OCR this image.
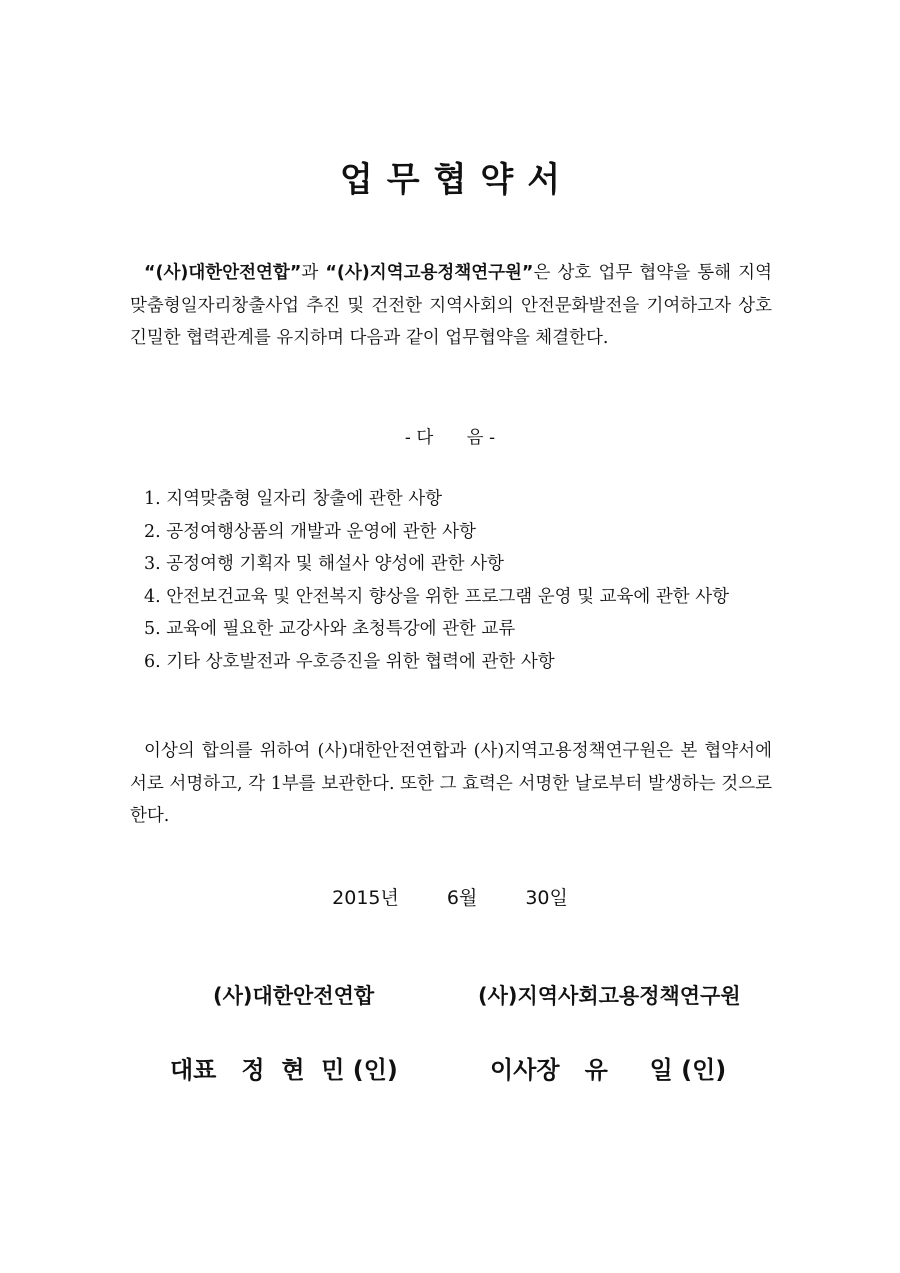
업무협약서
“(사)대한안전연합”과 “(사)지역고용정책연구원”은 상호 업무 협약을 통해 지역맞춤형일자리창출사업 추진 및 건전한 지역사회의 안전문화발전을 기여하고자 상호 긴밀한 협력관계를 유지하며 다음과 같이 업무협약을 체결한다.
- 다      음 -
1. 지역맞춤형 일자리 창출에 관한 사항
2. 공정여행상품의 개발과 운영에 관한 사항
3. 공정여행 기획자 및 해설사 양성에 관한 사항
4. 안전보건교육 및 안전복지 향상을 위한 프로그램 운영 및 교육에 관한 사항
5. 교육에 필요한 교강사와 초청특강에 관한 교류
6. 기타 상호발전과 우호증진을 위한 협력에 관한 사항
이상의 합의를 위하여 (사)대한안전연합과 (사)지역고용정책연구원은 본 협약서에 서로 서명하고, 각 1부를 보관한다. 또한 그 효력은 서명한 날로부터 발생하는 것으로 한다.
2015년	6월	30일
(사)대한안전연합	(사)지역사회고용정책연구원
대표   정  현  민 (인)	이사장   유     일 (인)
